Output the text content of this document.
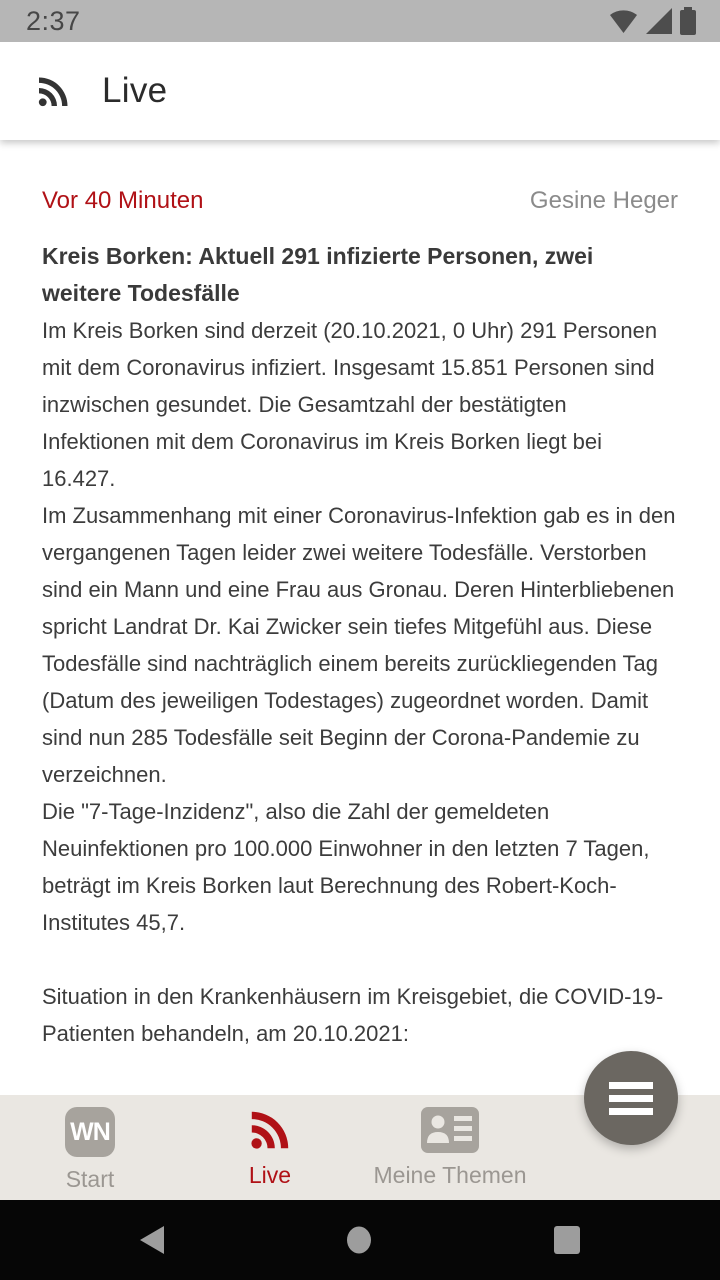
2:37
Live
Vor 40 Minuten	Gesine Heger
Kreis Borken: Aktuell 291 infizierte Personen, zwei weitere Todesfälle
Im Kreis Borken sind derzeit (20.10.2021, 0 Uhr) 291 Personen mit dem Coronavirus infiziert. Insgesamt 15.851 Personen sind inzwischen gesundet. Die Gesamtzahl der bestätigten Infektionen mit dem Coronavirus im Kreis Borken liegt bei 16.427.
Im Zusammenhang mit einer Coronavirus-Infektion gab es in den vergangenen Tagen leider zwei weitere Todesfälle. Verstorben sind ein Mann und eine Frau aus Gronau. Deren Hinterbliebenen spricht Landrat Dr. Kai Zwicker sein tiefes Mitgefühl aus. Diese Todesfälle sind nachträglich einem bereits zurückliegenden Tag (Datum des jeweiligen Todestages) zugeordnet worden. Damit sind nun 285 Todesfälle seit Beginn der Corona-Pandemie zu verzeichnen.
Die "7-Tage-Inzidenz", also die Zahl der gemeldeten Neuinfektionen pro 100.000 Einwohner in den letzten 7 Tagen, beträgt im Kreis Borken laut Berechnung des Robert-Koch-Institutes 45,7.
Situation in den Krankenhäusern im Kreisgebiet, die COVID-19-Patienten behandeln, am 20.10.2021:
WN
Start	Live	Meine Themen
